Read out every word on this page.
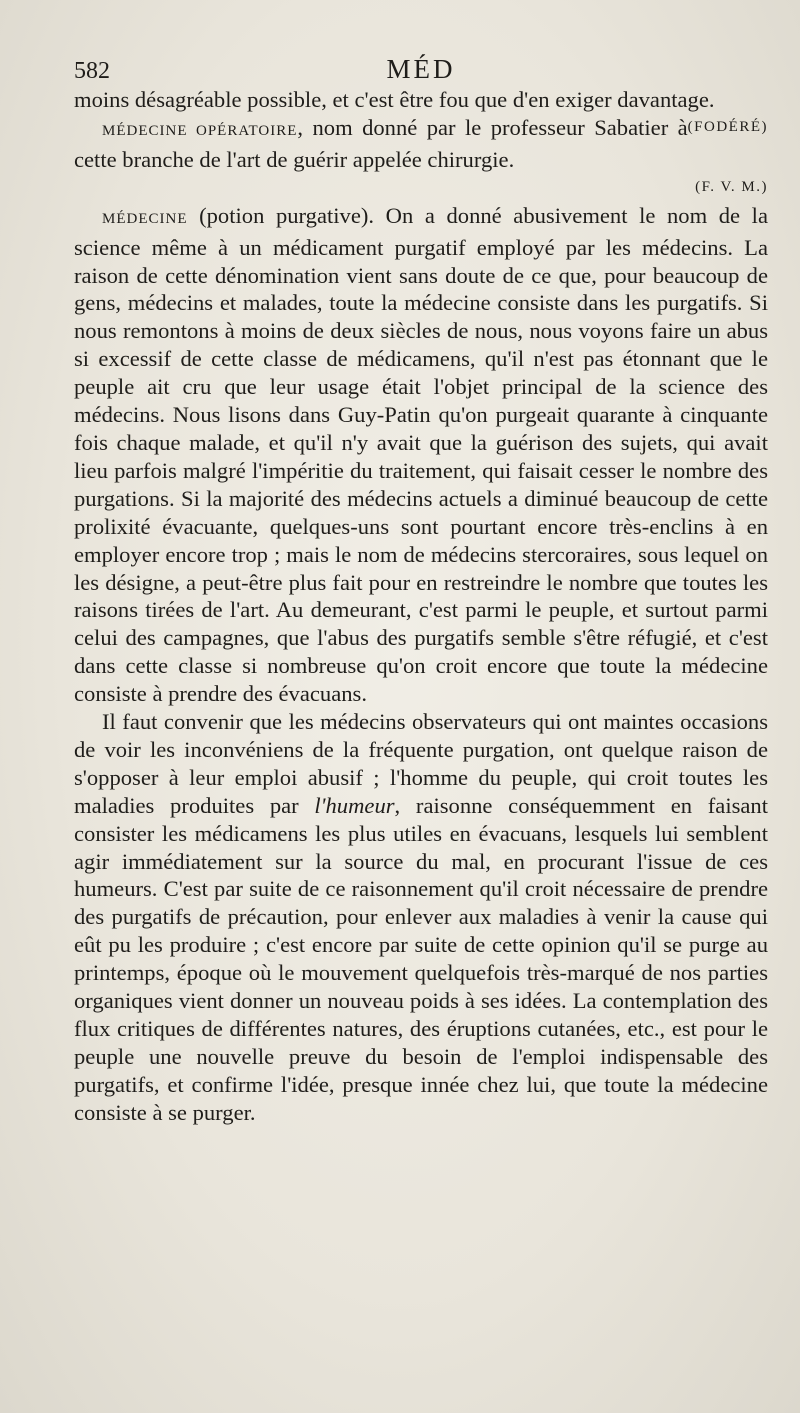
582	MÉD

moins désagréable possible, et c'est être fou que d'en exiger davantage.
(FODÉRÉ)

MÉDECINE OPÉRATOIRE, nom donné par le professeur Sabatier à cette branche de l'art de guérir appelée chirurgie.

(F. V. M.)

MÉDECINE (potion purgative). On a donné abusivement le nom de la science même à un médicament purgatif employé par les médecins. La raison de cette dénomination vient sans doute de ce que, pour beaucoup de gens, médecins et malades, toute la médecine consiste dans les purgatifs. Si nous remontons à moins de deux siècles de nous, nous voyons faire un abus si excessif de cette classe de médicamens, qu'il n'est pas étonnant que le peuple ait cru que leur usage était l'objet principal de la science des médecins. Nous lisons dans Guy-Patin qu'on purgeait quarante à cinquante fois chaque malade, et qu'il n'y avait que la guérison des sujets, qui avait lieu parfois malgré l'impéritie du traitement, qui faisait cesser le nombre des purgations. Si la majorité des médecins actuels a diminué beaucoup de cette prolixité évacuante, quelques-uns sont pourtant encore très-enclins à en employer encore trop ; mais le nom de médecins stercoraires, sous lequel on les désigne, a peut-être plus fait pour en restreindre le nombre que toutes les raisons tirées de l'art. Au demeurant, c'est parmi le peuple, et surtout parmi celui des campagnes, que l'abus des purgatifs semble s'être réfugié, et c'est dans cette classe si nombreuse qu'on croit encore que toute la médecine consiste à prendre des évacuans.

Il faut convenir que les médecins observateurs qui ont maintes occasions de voir les inconvéniens de la fréquente purgation, ont quelque raison de s'opposer à leur emploi abusif ; l'homme du peuple, qui croit toutes les maladies produites par l'humeur, raisonne conséquemment en faisant consister les médicamens les plus utiles en évacuans, lesquels lui semblent agir immédiatement sur la source du mal, en procurant l'issue de ces humeurs. C'est par suite de ce raisonnement qu'il croit nécessaire de prendre des purgatifs de précaution, pour enlever aux maladies à venir la cause qui eût pu les produire ; c'est encore par suite de cette opinion qu'il se purge au printemps, époque où le mouvement quelquefois très-marqué de nos parties organiques vient donner un nouveau poids à ses idées. La contemplation des flux critiques de différentes natures, des éruptions cutanées, etc., est pour le peuple une nouvelle preuve du besoin de l'emploi indispensable des purgatifs, et confirme l'idée, presque innée chez lui, que toute la médecine consiste à se purger.
